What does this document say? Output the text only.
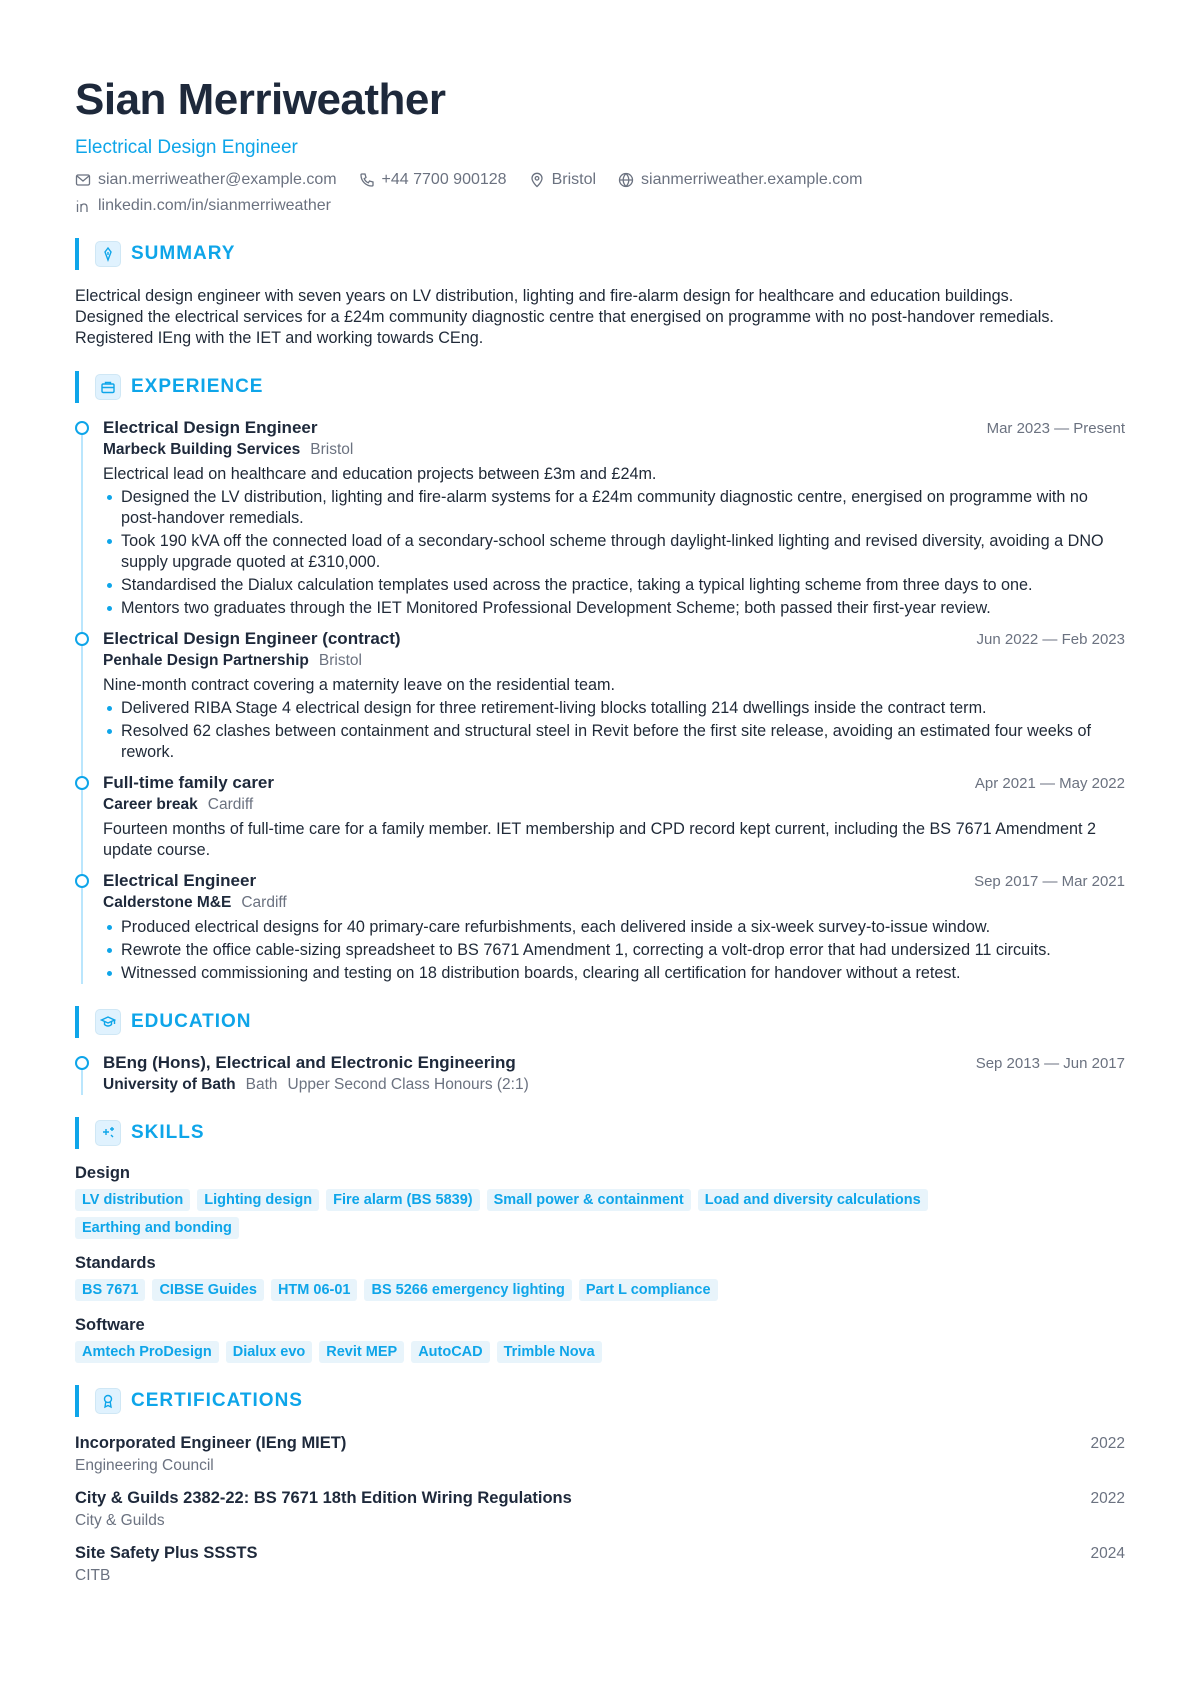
Sian Merriweather
Electrical Design Engineer
sian.merriweather@example.com	+44 7700 900128	Bristol	sianmerriweather.example.com
linkedin.com/in/sianmerriweather
SUMMARY
Electrical design engineer with seven years on LV distribution, lighting and fire-alarm design for healthcare and education buildings. Designed the electrical services for a £24m community diagnostic centre that energised on programme with no post-handover remedials. Registered IEng with the IET and working towards CEng.
EXPERIENCE
Electrical Design Engineer	Mar 2023 — Present
Marbeck Building Services Bristol
Electrical lead on healthcare and education projects between £3m and £24m.
Designed the LV distribution, lighting and fire-alarm systems for a £24m community diagnostic centre, energised on programme with no post-handover remedials.
Took 190 kVA off the connected load of a secondary-school scheme through daylight-linked lighting and revised diversity, avoiding a DNO supply upgrade quoted at £310,000.
Standardised the Dialux calculation templates used across the practice, taking a typical lighting scheme from three days to one.
Mentors two graduates through the IET Monitored Professional Development Scheme; both passed their first-year review.
Electrical Design Engineer (contract)	Jun 2022 — Feb 2023
Penhale Design Partnership Bristol
Nine-month contract covering a maternity leave on the residential team.
Delivered RIBA Stage 4 electrical design for three retirement-living blocks totalling 214 dwellings inside the contract term.
Resolved 62 clashes between containment and structural steel in Revit before the first site release, avoiding an estimated four weeks of rework.
Full-time family carer	Apr 2021 — May 2022
Career break Cardiff
Fourteen months of full-time care for a family member. IET membership and CPD record kept current, including the BS 7671 Amendment 2 update course.
Electrical Engineer	Sep 2017 — Mar 2021
Calderstone M&E Cardiff
Produced electrical designs for 40 primary-care refurbishments, each delivered inside a six-week survey-to-issue window.
Rewrote the office cable-sizing spreadsheet to BS 7671 Amendment 1, correcting a volt-drop error that had undersized 11 circuits.
Witnessed commissioning and testing on 18 distribution boards, clearing all certification for handover without a retest.
EDUCATION
BEng (Hons), Electrical and Electronic Engineering	Sep 2013 — Jun 2017
University of Bath Bath Upper Second Class Honours (2:1)
SKILLS
Design
LV distribution	Lighting design	Fire alarm (BS 5839)	Small power & containment	Load and diversity calculations
Earthing and bonding
Standards
BS 7671	CIBSE Guides	HTM 06-01	BS 5266 emergency lighting	Part L compliance
Software
Amtech ProDesign	Dialux evo	Revit MEP	AutoCAD	Trimble Nova
CERTIFICATIONS
Incorporated Engineer (IEng MIET)
Engineering Council
2022
City & Guilds 2382-22: BS 7671 18th Edition Wiring Regulations
City & Guilds
2022
Site Safety Plus SSSTS
CITB
2024
